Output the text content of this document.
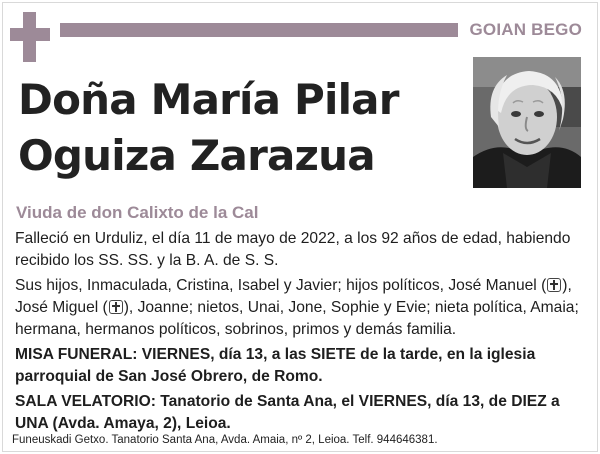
GOIAN BEGO
Doña María Pilar
Oguiza Zarazua
Viuda de don Calixto de la Cal

Falleció en Urduliz, el día 11 de mayo de 2022, a los 92 años de edad, habiendo recibido los SS. SS. y la B. A. de S. S.

Sus hijos, Inmaculada, Cristina, Isabel y Javier; hijos políticos, José Manuel ( ), José Miguel ( ), Joanne; nietos, Unai, Jone, Sophie y Evie; nieta política, Amaia; hermana, hermanos políticos, sobrinos, primos y demás familia.

MISA FUNERAL: VIERNES, día 13, a las SIETE de la tarde, en la iglesia parroquial de San José Obrero, de Romo.

SALA VELATORIO: Tanatorio de Santa Ana, el VIERNES, día 13, de DIEZ a UNA (Avda. Amaya, 2), Leioa.

Funeuskadi Getxo. Tanatorio Santa Ana, Avda. Amaia, nº 2, Leioa. Telf. 944646381.
